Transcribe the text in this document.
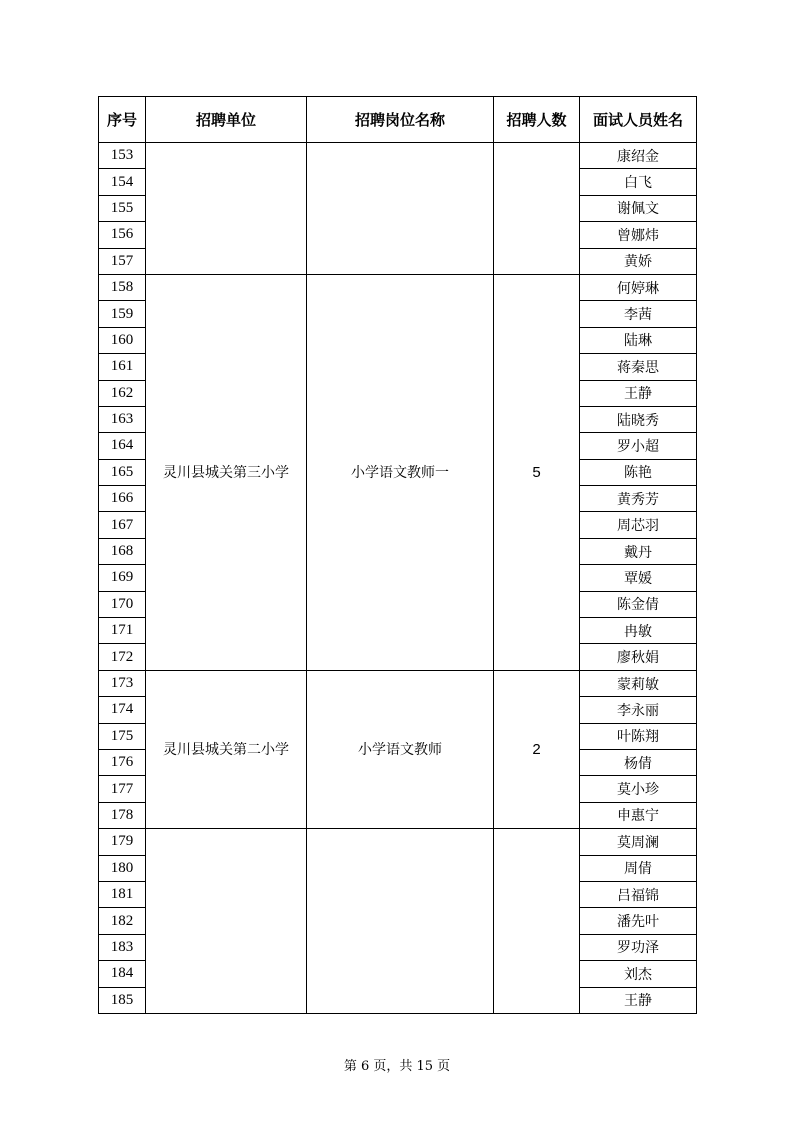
序号	招聘单位	招聘岗位名称	招聘人数	面试人员姓名
153				康绍金
154				白飞
155				谢佩文
156				曾娜炜
157				黄娇
158	灵川县城关第三小学	小学语文教师一	5	何婷琳
159				李茜
160				陆琳
161				蒋秦思
162				王静
163				陆晓秀
164				罗小超
165				陈艳
166				黄秀芳
167				周芯羽
168				戴丹
169				覃媛
170				陈金倩
171				冉敏
172				廖秋娟
173	灵川县城关第二小学	小学语文教师	2	蒙莉敏
174				李永丽
175				叶陈翔
176				杨倩
177				莫小珍
178				申惠宁
179				莫周澜
180				周倩
181				吕福锦
182				潘先叶
183				罗功泽
184				刘杰
185				王静
第 6 页，共 15 页
